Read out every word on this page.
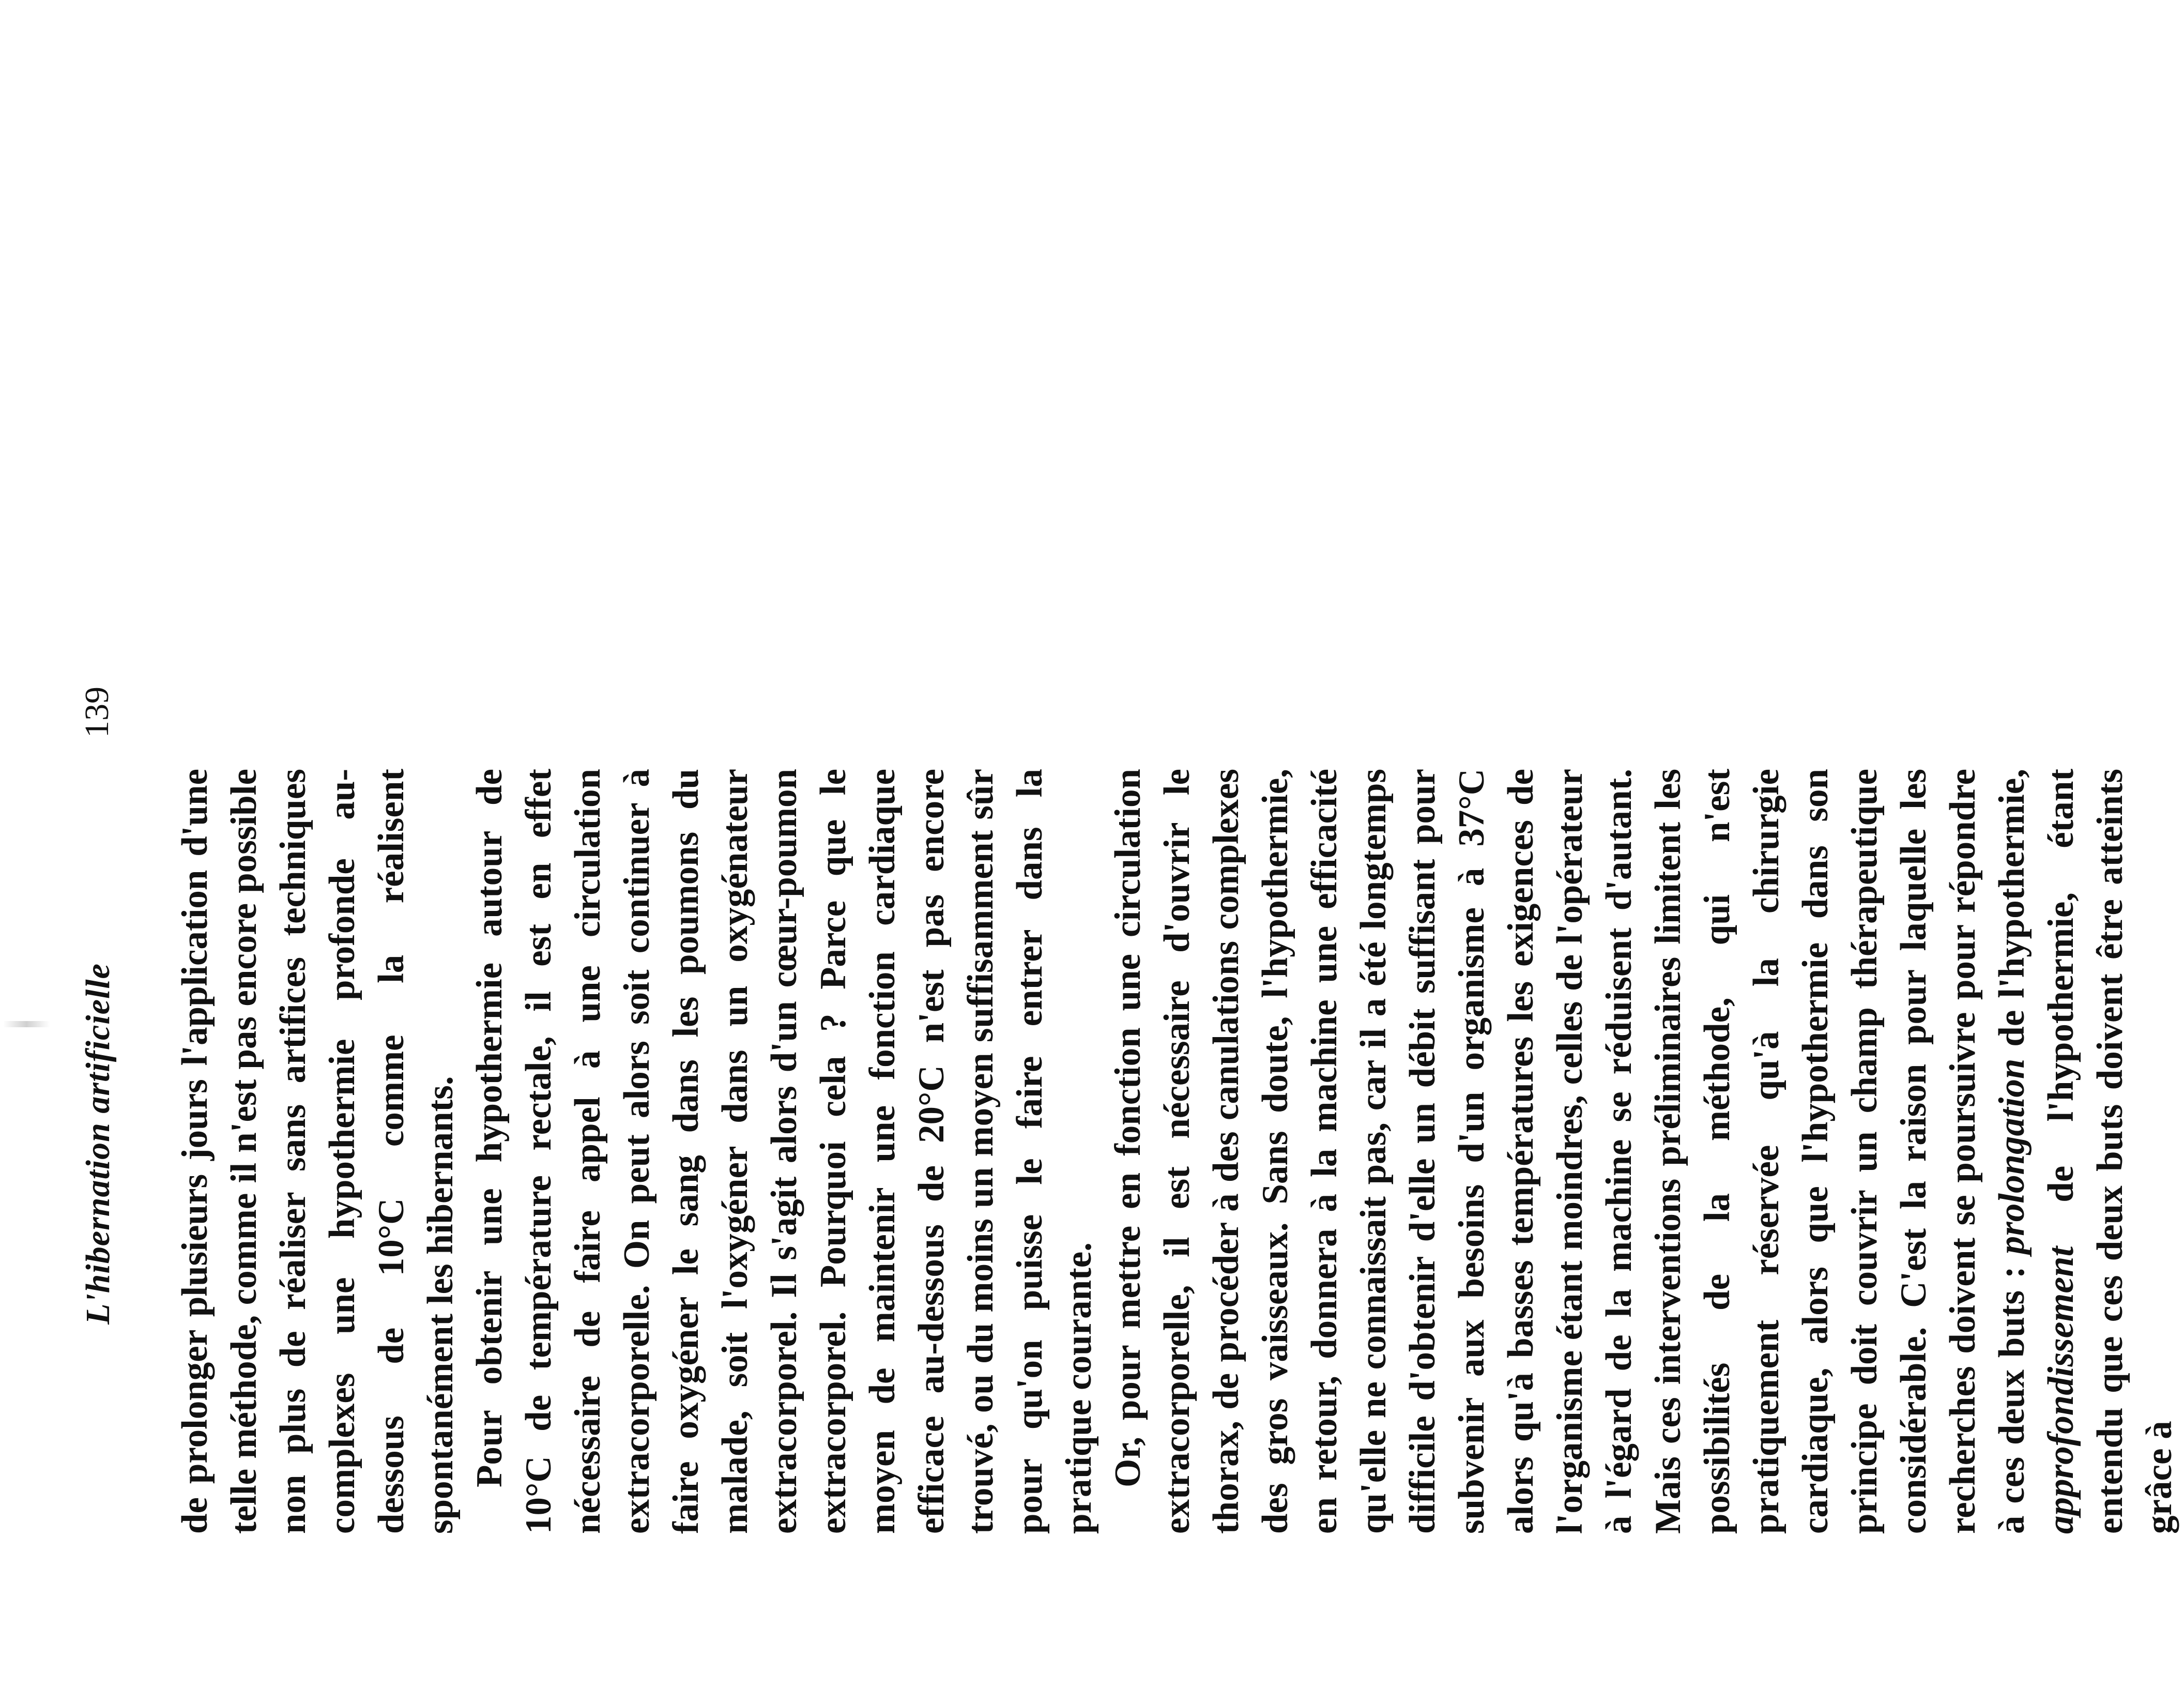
L'hibernation artificielle
139

de prolonger plusieurs jours l'application d'une telle méthode, comme il n'est pas encore possible non plus de réaliser sans artifices techniques complexes une hypothermie profonde au-dessous de 10°C comme la réalisent spontanément les hibernants. Pour obtenir une hypothermie autour de 10°C de température rectale, il est en effet nécessaire de faire appel à une circulation extracorporelle. On peut alors soit continuer à faire oxygéner le sang dans les poumons du malade, soit l'oxygéner dans un oxygénateur extracorporel. Il s'agit alors d'un cœur-poumon extracorporel. Pourquoi cela ? Parce que le moyen de maintenir une fonction cardiaque efficace au-dessous de 20°C n'est pas encore trouvé, ou du moins un moyen suffisamment sûr pour qu'on puisse le faire entrer dans la pratique courante. Or, pour mettre en fonction une circulation extracorporelle, il est nécessaire d'ouvrir le thorax, de procéder à des canulations complexes des gros vaisseaux. Sans doute, l'hypothermie, en retour, donnera à la machine une efficacité qu'elle ne connaissait pas, car il a été longtemps difficile d'obtenir d'elle un débit suffisant pour subvenir aux besoins d'un organisme à 37°C alors qu'à basses températures les exigences de l'organisme étant moindres, celles de l'opérateur à l'égard de la machine se réduisent d'autant. Mais ces interventions préliminaires limitent les possibilités de la méthode, qui n'est pratiquement réservée qu'à la chirurgie cardiaque, alors que l'hypothermie dans son principe doit couvrir un champ thérapeutique considérable. C'est la raison pour laquelle les recherches doivent se poursuivre pour répondre à ces deux buts : prolongation de l'hypothermie, approfondissement de l'hypothermie, étant entendu que ces deux buts doivent être atteints grâce à
